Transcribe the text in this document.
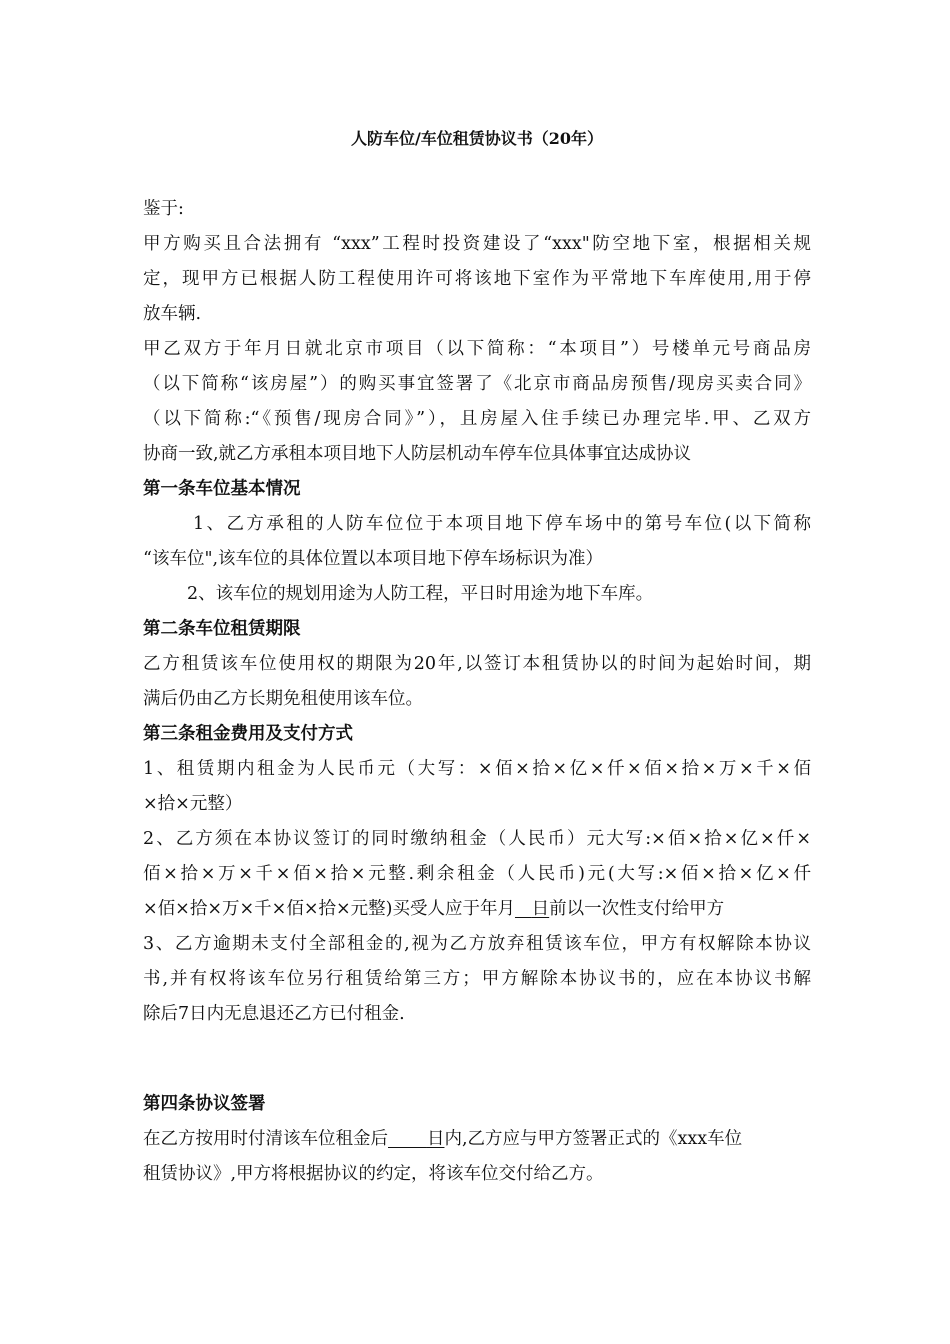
人防车位/车位租赁协议书（20年）
鉴于:
甲方购买且合法拥有 “xxx”工程时投资建设了“xxx"防空地下室，根据相关规
定，现甲方已根据人防工程使用许可将该地下室作为平常地下车库使用,用于停
放车辆.
甲乙双方于年月日就北京市项目（以下简称：“本项目”）号楼单元号商品房
（以下简称“该房屋”）的购买事宜签署了《北京市商品房预售/现房买卖合同》
（以下简称:“《预售/现房合同》”），且房屋入住手续已办理完毕.甲、乙双方
协商一致,就乙方承租本项目地下人防层机动车停车位具体事宜达成协议
第一条车位基本情况
1、乙方承租的人防车位位于本项目地下停车场中的第号车位(以下简称
“该车位",该车位的具体位置以本项目地下停车场标识为准）
2、该车位的规划用途为人防工程，平日时用途为地下车库。
第二条车位租赁期限
乙方租赁该车位使用权的期限为20年,以签订本租赁协以的时间为起始时间，期
满后仍由乙方长期免租使用该车位。
第三条租金费用及支付方式
1、租赁期内租金为人民币元（大写：×佰×拾×亿×仟×佰×拾×万×千×佰
×拾×元整）
2、乙方须在本协议签订的同时缴纳租金（人民币）元大写:×佰×拾×亿×仟×
佰×拾×万×千×佰×拾×元整.剩余租金（人民币)元(大写:×佰×拾×亿×仟
×佰×拾×万×千×佰×拾×元整)买受人应于年月 日前以一次性支付给甲方
3、乙方逾期未支付全部租金的,视为乙方放弃租赁该车位，甲方有权解除本协议
书,并有权将该车位另行租赁给第三方；甲方解除本协议书的，应在本协议书解
除后7日内无息退还乙方已付租金.
第四条协议签署
在乙方按用时付清该车位租金后 日内,乙方应与甲方签署正式的《xxx车位
租赁协议》,甲方将根据协议的约定，将该车位交付给乙方。
